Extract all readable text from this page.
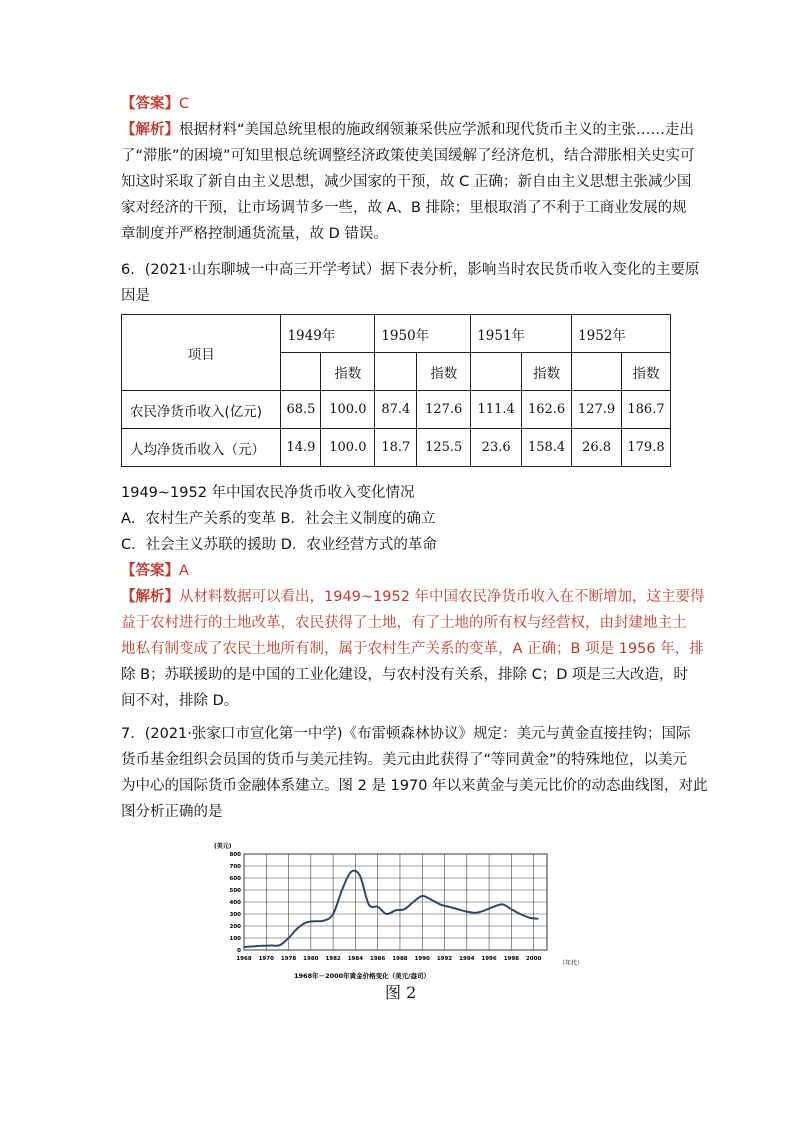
【答案】C
【解析】根据材料“美国总统里根的施政纲领兼采供应学派和现代货币主义的主张……走出
了“滞胀”的困境”可知里根总统调整经济政策使美国缓解了经济危机，结合滞胀相关史实可
知这时采取了新自由主义思想，减少国家的干预，故 C 正确；新自由主义思想主张减少国
家对经济的干预，让市场调节多一些，故 A、B 排除；里根取消了不利于工商业发展的规
章制度并严格控制通货流量，故 D 错误。
6．(2021·山东聊城一中高三开学考试）据下表分析，影响当时农民货币收入变化的主要原
因是
项目	1949年		1950年		1951年		1952年	
		指数		指数		指数		指数
农民净货币收入(亿元)	68.5	100.0	87.4	127.6	111.4	162.6	127.9	186.7
人均净货币收入（元）	14.9	100.0	18.7	125.5	23.6	158.4	26.8	179.8
1949~1952 年中国农民净货币收入变化情况
A．农村生产关系的变革 B．社会主义制度的确立
C．社会主义苏联的援助 D．农业经营方式的革命
【答案】A
【解析】从材料数据可以看出，1949~1952 年中国农民净货币收入在不断增加，这主要得
益于农村进行的土地改革，农民获得了土地，有了土地的所有权与经营权，由封建地主土
地私有制变成了农民土地所有制，属于农村生产关系的变革，A 正确；B 项是 1956 年，排
除 B；苏联援助的是中国的工业化建设，与农村没有关系，排除 C；D 项是三大改造，时
间不对，排除 D。
7．(2021·张家口市宣化第一中学)《布雷顿森林协议》规定：美元与黄金直接挂钩；国际
货币基金组织会员国的货币与美元挂钩。美元由此获得了“等同黄金”的特殊地位，以美元
为中心的国际货币金融体系建立。图 2 是 1970 年以来黄金与美元比价的动态曲线图，对此
图分析正确的是
(美元)
800
700
600
500
400
300
200
100
0
1968 1970 1978 1980 1982 1984 1986 1988 1990 1992 1994 1996 1998 2000
（年代）
1968年－2000年黄金价格变化（美元/盎司）
图 2
